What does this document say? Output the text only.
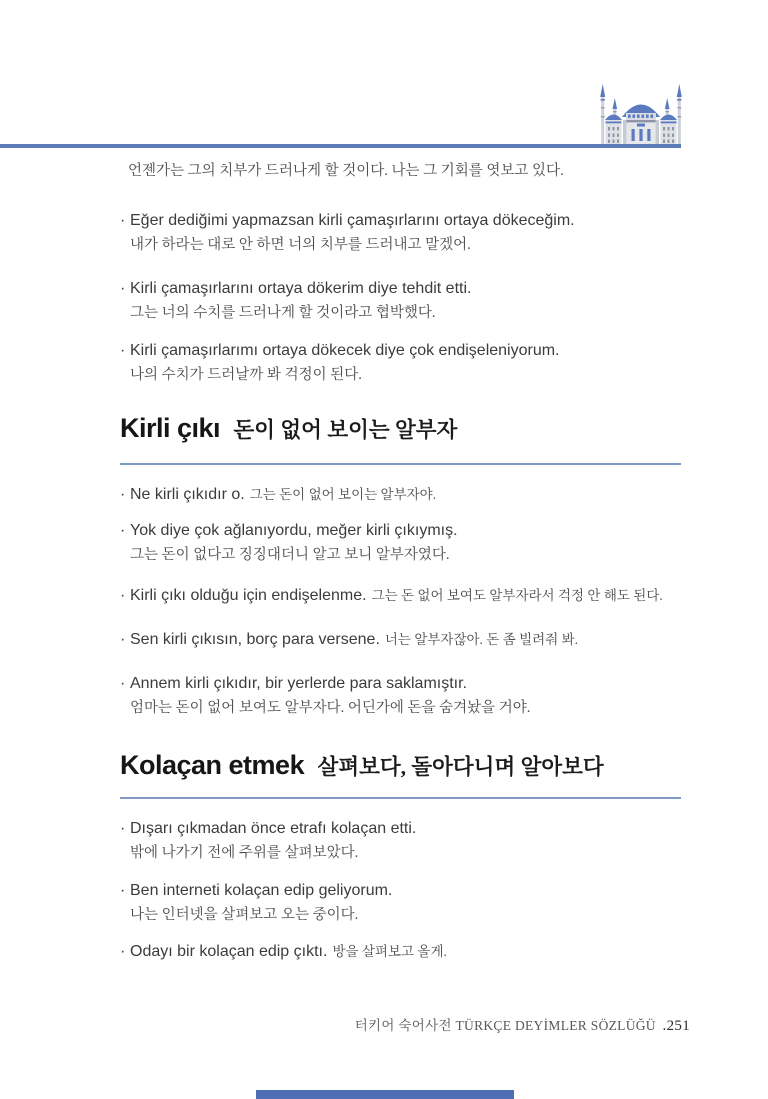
언젠가는 그의 치부가 드러나게 할 것이다. 나는 그 기회를 엿보고 있다.
· Eğer dediğimi yapmazsan kirli çamaşırlarını ortaya dökeceğim.
내가 하라는 대로 안 하면 너의 치부를 드러내고 말겠어.
· Kirli çamaşırlarını ortaya dökerim diye tehdit etti.
그는 너의 수치를 드러나게 할 것이라고 협박했다.
· Kirli çamaşırlarımı ortaya dökecek diye çok endişeleniyorum.
나의 수치가 드러날까 봐 걱정이 된다.
Kirli çıkı 돈이 없어 보이는 알부자
· Ne kirli çıkıdır o. 그는 돈이 없어 보이는 알부자야.
· Yok diye çok ağlanıyordu, meğer kirli çıkıymış.
그는 돈이 없다고 징징대더니 알고 보니 알부자였다.
· Kirli çıkı olduğu için endişelenme. 그는 돈 없어 보여도 알부자라서 걱정 안 해도 된다.
· Sen kirli çıkısın, borç para versene. 너는 알부자잖아. 돈 좀 빌려줘 봐.
· Annem kirli çıkıdır, bir yerlerde para saklamıştır.
엄마는 돈이 없어 보여도 알부자다. 어딘가에 돈을 숨겨놨을 거야.
Kolaçan etmek 살펴보다, 돌아다니며 알아보다
· Dışarı çıkmadan önce etrafı kolaçan etti.
밖에 나가기 전에 주위를 살펴보았다.
· Ben interneti kolaçan edip geliyorum.
나는 인터넷을 살펴보고 오는 중이다.
· Odayı bir kolaçan edip çıktı. 방을 살펴보고 올게.
터키어 숙어사전 TÜRKÇE DEYİMLER SÖZLÜĞÜ .251
